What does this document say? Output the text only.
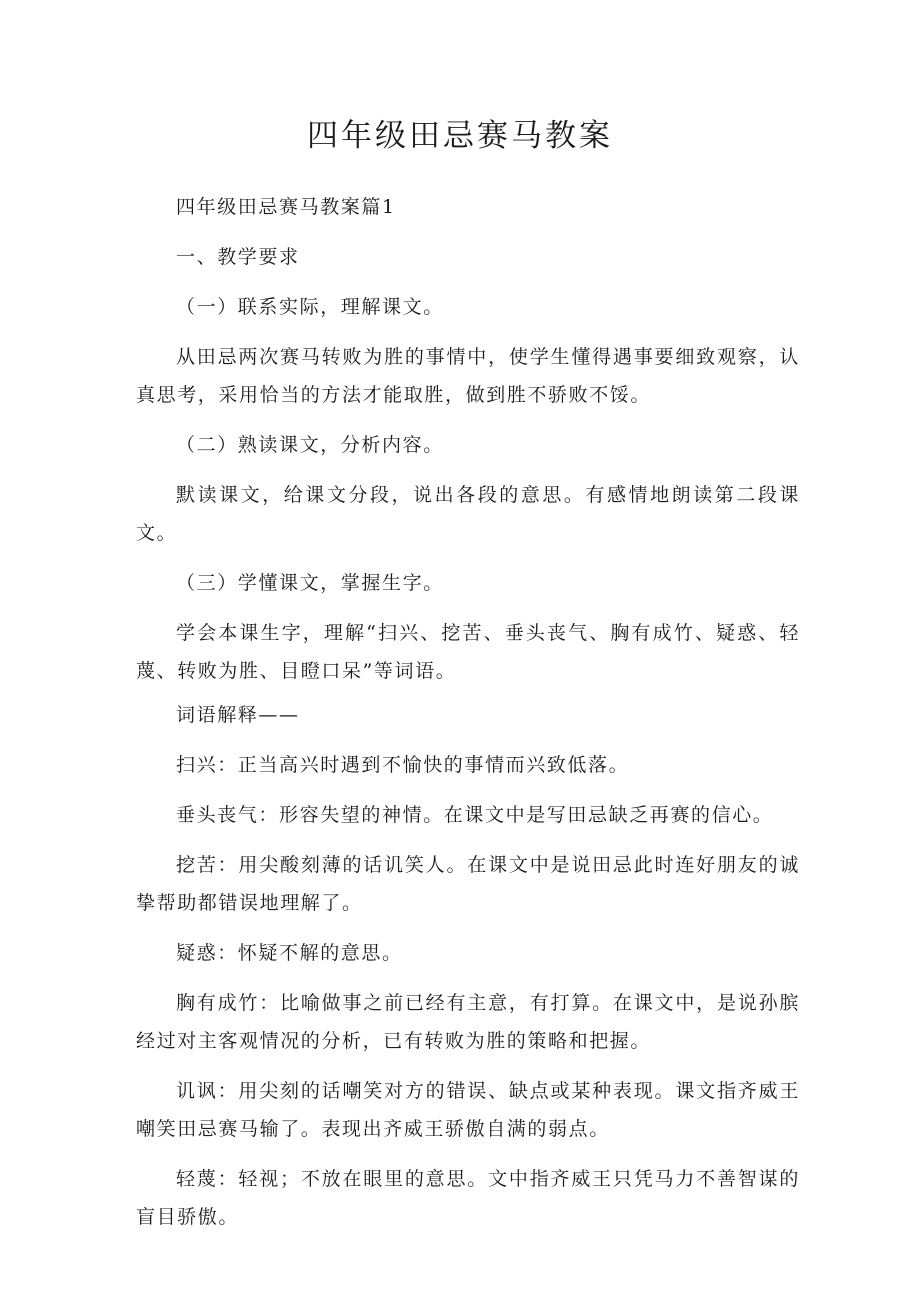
四年级田忌赛马教案

四年级田忌赛马教案篇1

一、教学要求

（一）联系实际，理解课文。

从田忌两次赛马转败为胜的事情中，使学生懂得遇事要细致观察，认真思考，采用恰当的方法才能取胜，做到胜不骄败不馁。

（二）熟读课文，分析内容。

默读课文，给课文分段，说出各段的意思。有感情地朗读第二段课文。

（三）学懂课文，掌握生字。

学会本课生字，理解“扫兴、挖苦、垂头丧气、胸有成竹、疑惑、轻蔑、转败为胜、目瞪口呆”等词语。

词语解释——

扫兴：正当高兴时遇到不愉快的事情而兴致低落。

垂头丧气：形容失望的神情。在课文中是写田忌缺乏再赛的信心。

挖苦：用尖酸刻薄的话讥笑人。在课文中是说田忌此时连好朋友的诚挚帮助都错误地理解了。

疑惑：怀疑不解的意思。

胸有成竹：比喻做事之前已经有主意，有打算。在课文中，是说孙膑经过对主客观情况的分析，已有转败为胜的策略和把握。

讥讽：用尖刻的话嘲笑对方的错误、缺点或某种表现。课文指齐威王嘲笑田忌赛马输了。表现出齐威王骄傲自满的弱点。

轻蔑：轻视；不放在眼里的意思。文中指齐威王只凭马力不善智谋的盲目骄傲。
